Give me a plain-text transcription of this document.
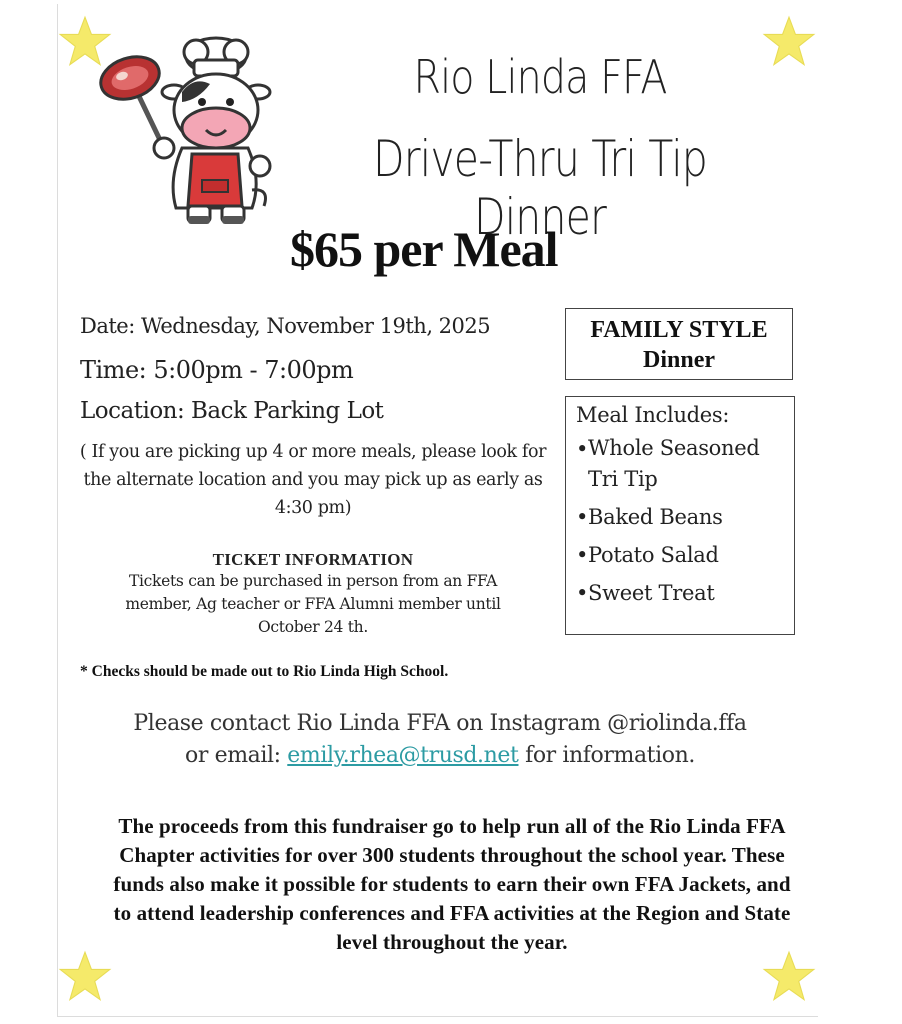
Rio Linda FFA
Drive-Thru Tri Tip Dinner
$65 per Meal
Date: Wednesday, November 19th, 2025
Time: 5:00pm - 7:00pm
Location: Back Parking Lot
( If you are picking up 4 or more meals, please look for the alternate location and you may pick up as early as 4:30 pm)
TICKET INFORMATION
Tickets can be purchased in person from an FFA member, Ag teacher or FFA Alumni member until October 24 th.
* Checks should be made out to Rio Linda High School.
FAMILY STYLE
Dinner
Meal Includes:
• Whole Seasoned Tri Tip
• Baked Beans
• Potato Salad
• Sweet Treat
Please contact Rio Linda FFA on Instagram @riolinda.ffa
or email: emily.rhea@trusd.net for information.
The proceeds from this fundraiser go to help run all of the Rio Linda FFA Chapter activities for over 300 students throughout the school year. These funds also make it possible for students to earn their own FFA Jackets, and to attend leadership conferences and FFA activities at the Region and State level throughout the year.
